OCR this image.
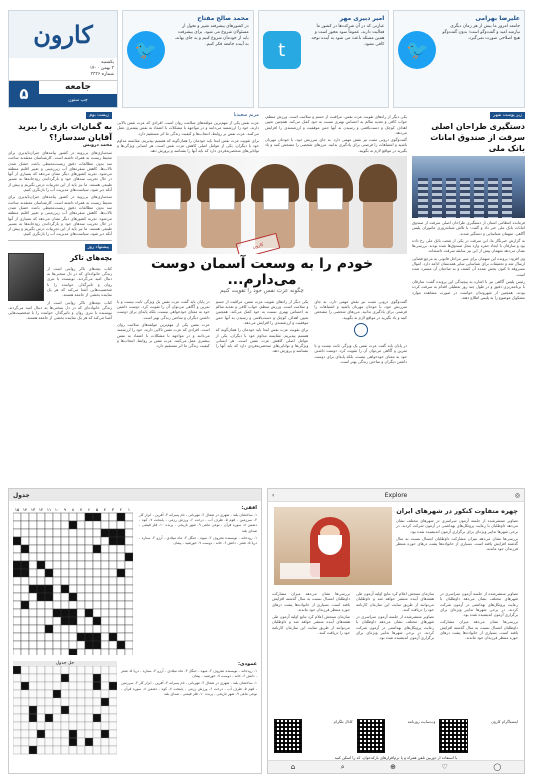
کارون
یکشنبه
۳ بهمن ۱۴۰۰
شماره ۳۳۳۶
۵	جامعه
چپ ستون
محمد صالح مفتاح
در کشورهای پیشرفته تغییر و تحول از مسئولان شروع می شود. برای پیشرفت باید از خودمان شروع کنیم و به جای بهانه، به آینده جامعه فکر کنیم.
🐦
امیر دبیری مهر
عبارتی که در آن شرکت‌ها در کشور ما فعالیت دارند، عموماً سود محور است و همین مسئله باعث می شود به آینده توجه کافی نشود.
t
علیرضا بهرامی
جامعه امروز ما بیش از هر زمان دیگری نیازمند امید و گفت‌وگو است؛ بدون گفت‌وگو هیچ اصلاحی صورت نمی‌گیرد.
🐦
زیر پوست شهر
دستگیری طراحان اصلی سرقت از صندوق امانات بانک ملی

فرمانده انتظامی استان از دستگیری طراحان اصلی سرقت از صندوق امانات بانک ملی خبر داد و گفت: با تلاش شبانه‌روزی ماموران پلیس آگاهی، متهمان شناسایی و دستگیر شدند.

به گزارش خبرنگار ما، این سرقت در یکی از شعب بانک ملی رخ داده بود و سارقان با ایجاد حفره وارد محل صندوق‌ها شده بودند. بررسی‌ها نشان می‌دهد متهمان پیش از این نیز سابقه سرقت داشته‌اند.

وی افزود: پرونده این متهمان برای سیر مراحل قانونی به مرجع قضایی ارسال شد و تحقیقات برای شناسایی سایر همدستان ادامه دارد. اموال مسروقه تا کنون بخش عمده آن کشف و به صاحبان آن مسترد شده است.

رئیس پلیس آگاهی نیز با اشاره به پیچیدگی این پرونده گفت: سارقان با برنامه‌ریزی دقیق و در طول چند روز تعطیلی اقدام به سرقت کرده بودند. همچنین از شهروندان خواست در صورت مشاهده موارد مشکوک موضوع را به پلیس اطلاع دهند.

مریم سعیدیا

عزت نفس یکی از مهم‌ترین مولفه‌های سلامت روان است. افرادی که عزت نفس بالایی دارند، خود را ارزشمند می‌دانند و در مواجهه با مشکلات با اعتماد به نفس بیشتری عمل می‌کنند. عزت نفس بر روابط، انتخاب‌ها و کیفیت زندگی ما اثر مستقیم دارد.

برای تقویت عزت نفس ابتدا باید خودمان را همان‌گونه که هستیم بپذیریم. مقایسه مداوم خود با دیگران، یکی از عوامل اصلی کاهش عزت نفس است. هر انسانی ویژگی‌ها و توانایی‌های منحصربه‌فردی دارد که باید آنها را بشناسد و پرورش دهد.

یکی دیگر از راه‌های تقویت عزت نفس، مراقبت از جسم و سلامت است. ورزش منظم، خواب کافی و تغذیه سالم به احساس بهتری نسبت به خود کمک می‌کند. همچنین تعیین اهداف کوچک و دست‌یافتنی و رسیدن به آنها حس موفقیت و ارزشمندی را افزایش می‌دهد.

گفت‌وگوی درونی مثبت نیز نقش مهمی دارد. به جای سرزنش خود، با خودتان مهربان باشید و اشتباهات را فرصتی برای یادگیری بدانید. مرزهای شخصی را مشخص کنید و یاد بگیرید در مواقع لازم نه بگویید.

کارون
خودم را به وسعت آسمان دوست می‌دارم...
چگونه عزت نفس خود را تقویت کنیم

در پایان باید گفت عزت نفس یک ویژگی ثابت نیست و با تمرین و آگاهی می‌توان آن را تقویت کرد. دوست داشتن خود به معنای خودخواهی نیست، بلکه پایه‌ای برای دوست داشتن دیگران و ساختن زندگی بهتر است.

عزت نفس یکی از مهم‌ترین مولفه‌های سلامت روان است. افرادی که عزت نفس بالایی دارند، خود را ارزشمند می‌دانند و در مواجهه با مشکلات با اعتماد به نفس بیشتری عمل می‌کنند. عزت نفس بر روابط، انتخاب‌ها و کیفیت زندگی ما اثر مستقیم دارد.

یکی دیگر از راه‌های تقویت عزت نفس، مراقبت از جسم و سلامت است. ورزش منظم، خواب کافی و تغذیه سالم به احساس بهتری نسبت به خود کمک می‌کند. همچنین تعیین اهداف کوچک و دست‌یافتنی و رسیدن به آنها حس موفقیت و ارزشمندی را افزایش می‌دهد.

برای تقویت عزت نفس ابتدا باید خودمان را همان‌گونه که هستیم بپذیریم. مقایسه مداوم خود با دیگران، یکی از عوامل اصلی کاهش عزت نفس است. هر انسانی ویژگی‌ها و توانایی‌های منحصربه‌فردی دارد که باید آنها را بشناسد و پرورش دهد.

گفت‌وگوی درونی مثبت نیز نقش مهمی دارد. به جای سرزنش خود، با خودتان مهربان باشید و اشتباهات را فرصتی برای یادگیری بدانید. مرزهای شخصی را مشخص کنید و یاد بگیرید در مواقع لازم نه بگویید.

در پایان باید گفت عزت نفس یک ویژگی ثابت نیست و با تمرین و آگاهی می‌توان آن را تقویت کرد. دوست داشتن خود به معنای خودخواهی نیست، بلکه پایه‌ای برای دوست داشتن دیگران و ساختن زندگی بهتر است.

زیست بوم
به گمان‌ات بازی را ببرید آقایان سدساز!؟
محمد درویش

سدسازی‌های بی‌رویه در کشور پیامدهای جبران‌ناپذیری برای محیط زیست به همراه داشته است. کارشناسان معتقدند ساخت سد بدون مطالعات دقیق زیست‌محیطی باعث خشک شدن تالاب‌ها، کاهش سفره‌های آب زیرزمینی و تغییر اقلیم منطقه می‌شود. تجربه کشورهای دیگر نشان می‌دهد که بسیاری از آنها در حال تخریب سدهای خود و بازگرداندن رودخانه‌ها به مسیر طبیعی هستند. ما نیز باید از این تجربیات درس بگیریم و پیش از آنکه دیر شود، سیاست‌های مدیریت آب را بازنگری کنیم.

سدسازی‌های بی‌رویه در کشور پیامدهای جبران‌ناپذیری برای محیط زیست به همراه داشته است. کارشناسان معتقدند ساخت سد بدون مطالعات دقیق زیست‌محیطی باعث خشک شدن تالاب‌ها، کاهش سفره‌های آب زیرزمینی و تغییر اقلیم منطقه می‌شود. تجربه کشورهای دیگر نشان می‌دهد که بسیاری از آنها در حال تخریب سدهای خود و بازگرداندن رودخانه‌ها به مسیر طبیعی هستند. ما نیز باید از این تجربیات درس بگیریم و پیش از آنکه دیر شود، سیاست‌های مدیریت آب را بازنگری کنیم.

پیشنهاد روز
بچه‌های تاکر

کتاب بچه‌های تاکر روایتی است از زندگی خانواده‌ای که در دل سختی‌ها به دنبال امید می‌گردند. نویسنده با نثری روان و تاثیرگذار، خواننده را با شخصیت‌هایی آشنا می‌کند که هر یک نماینده بخشی از جامعه هستند.

کتاب بچه‌های تاکر روایتی است از زندگی خانواده‌ای که در دل سختی‌ها به دنبال امید می‌گردند. نویسنده با نثری روان و تاثیرگذار، خواننده را با شخصیت‌هایی آشنا می‌کند که هر یک نماینده بخشی از جامعه هستند.

جدول
۱۵ ۱۴ ۱۳ ۱۲ ۱۱ ۱۰ ۹ ۸ ۷ ۶ ۵ ۴ ۳ ۲ ۱	افقی:

۱- ساختمان بلند - شهری در شمال ۲- مهربانی - نام پسرانه ۳- آفرین - ابزار کار ۴- سرزمین - قوم ۵- ظرف آب - درخت ۶- ورزش رزمی - پایتخت ۷- کوه - دشمن ۸- سوره قرآن - نوعی ماهی ۹- شهر تاریخی - پرنده ۱۰- فلز قیمتی - صدای بلند

۱- رودخانه - نویسنده معروف ۲- میوه - جنگل ۳- ماه میلادی - آرزو ۴- ستاره - دریا ۵- شعر - دانش ۶- خانه - دوست ۷- خورشید - پیمان

عمودی:

۱- رودخانه - نویسنده معروف ۲- میوه - جنگل ۳- ماه میلادی - آرزو ۴- ستاره - دریا ۵- شعر - دانش ۶- خانه - دوست ۷- خورشید - پیمان

۱- ساختمان بلند - شهری در شمال ۲- مهربانی - نام پسرانه ۳- آفرین - ابزار کار ۴- سرزمین - قوم ۵- ظرف آب - درخت ۶- ورزش رزمی - پایتخت ۷- کوه - دشمن ۸- سوره قرآن - نوعی ماهی ۹- شهر تاریخی - پرنده ۱۰- فلز قیمتی - صدای بلند

حل جدول
‹	Explore	◎
چهره متفاوت کنکور در شهرهای ایران

تصاویر منتشرشده از جلسه آزمون سراسری در شهرهای مختلف نشان می‌دهد داوطلبان با رعایت پروتکل‌های بهداشتی در آزمون شرکت کردند. در برخی شهرها تدابیر ویژه‌ای برای برگزاری آزمون اندیشیده شده بود.

بررسی‌ها نشان می‌دهد میزان مشارکت داوطلبان امسال نسبت به سال گذشته افزایش یافته است. بسیاری از خانواده‌ها پشت درهای حوزه منتظر فرزندان خود ماندند.

بررسی‌ها نشان می‌دهد میزان مشارکت داوطلبان امسال نسبت به سال گذشته افزایش یافته است. بسیاری از خانواده‌ها پشت درهای حوزه منتظر فرزندان خود ماندند.

سازمان سنجش اعلام کرد نتایج اولیه آزمون طی هفته‌های آینده منتشر خواهد شد و داوطلبان می‌توانند از طریق سایت این سازمان کارنامه خود را دریافت کنند.

سازمان سنجش اعلام کرد نتایج اولیه آزمون طی هفته‌های آینده منتشر خواهد شد و داوطلبان می‌توانند از طریق سایت این سازمان کارنامه خود را دریافت کنند.

تصاویر منتشرشده از جلسه آزمون سراسری در شهرهای مختلف نشان می‌دهد داوطلبان با رعایت پروتکل‌های بهداشتی در آزمون شرکت کردند. در برخی شهرها تدابیر ویژه‌ای برای برگزاری آزمون اندیشیده شده بود.

تصاویر منتشرشده از جلسه آزمون سراسری در شهرهای مختلف نشان می‌دهد داوطلبان با رعایت پروتکل‌های بهداشتی در آزمون شرکت کردند. در برخی شهرها تدابیر ویژه‌ای برای برگزاری آزمون اندیشیده شده بود.

بررسی‌ها نشان می‌دهد میزان مشارکت داوطلبان امسال نسبت به سال گذشته افزایش یافته است. بسیاری از خانواده‌ها پشت درهای حوزه منتظر فرزندان خود ماندند.

اینستاگرام کارون
وب‌سایت روزنامه
کانال تلگرام
با استفاده از دوربین تلفن همراه و یا نرم‌افزارهای بارکدخوان، کد را اسکن کنید
⌂	⌕	⊕	♡	◯
